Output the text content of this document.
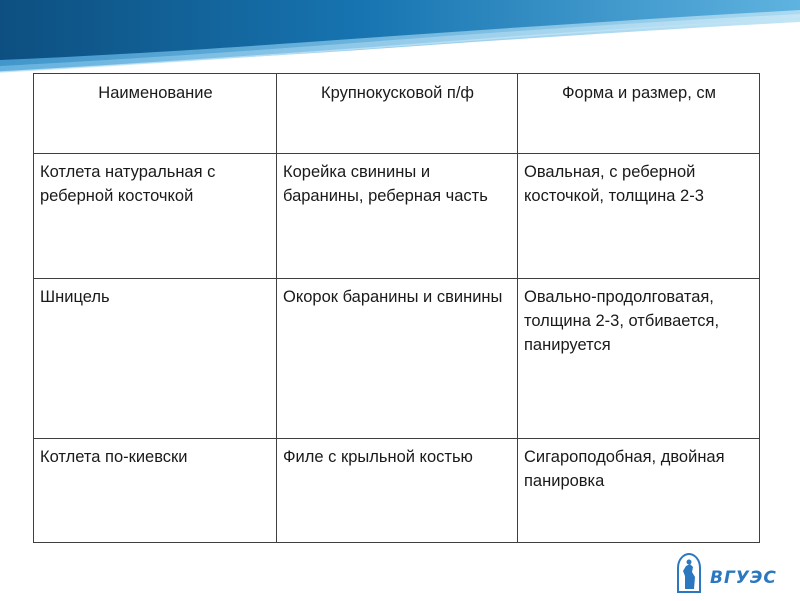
Наименование	Крупнокусковой п/ф	Форма и размер, см
Котлета натуральная с реберной косточкой	Корейка свинины и баранины, реберная часть	Овальная, с реберной косточкой, толщина 2-3
Шницель	Окорок баранины и свинины	Овально-продолговатая, толщина 2-3, отбивается, панируется
Котлета по-киевски	Филе с крыльной костью	Сигароподобная, двойная панировка
ВГУЭС
